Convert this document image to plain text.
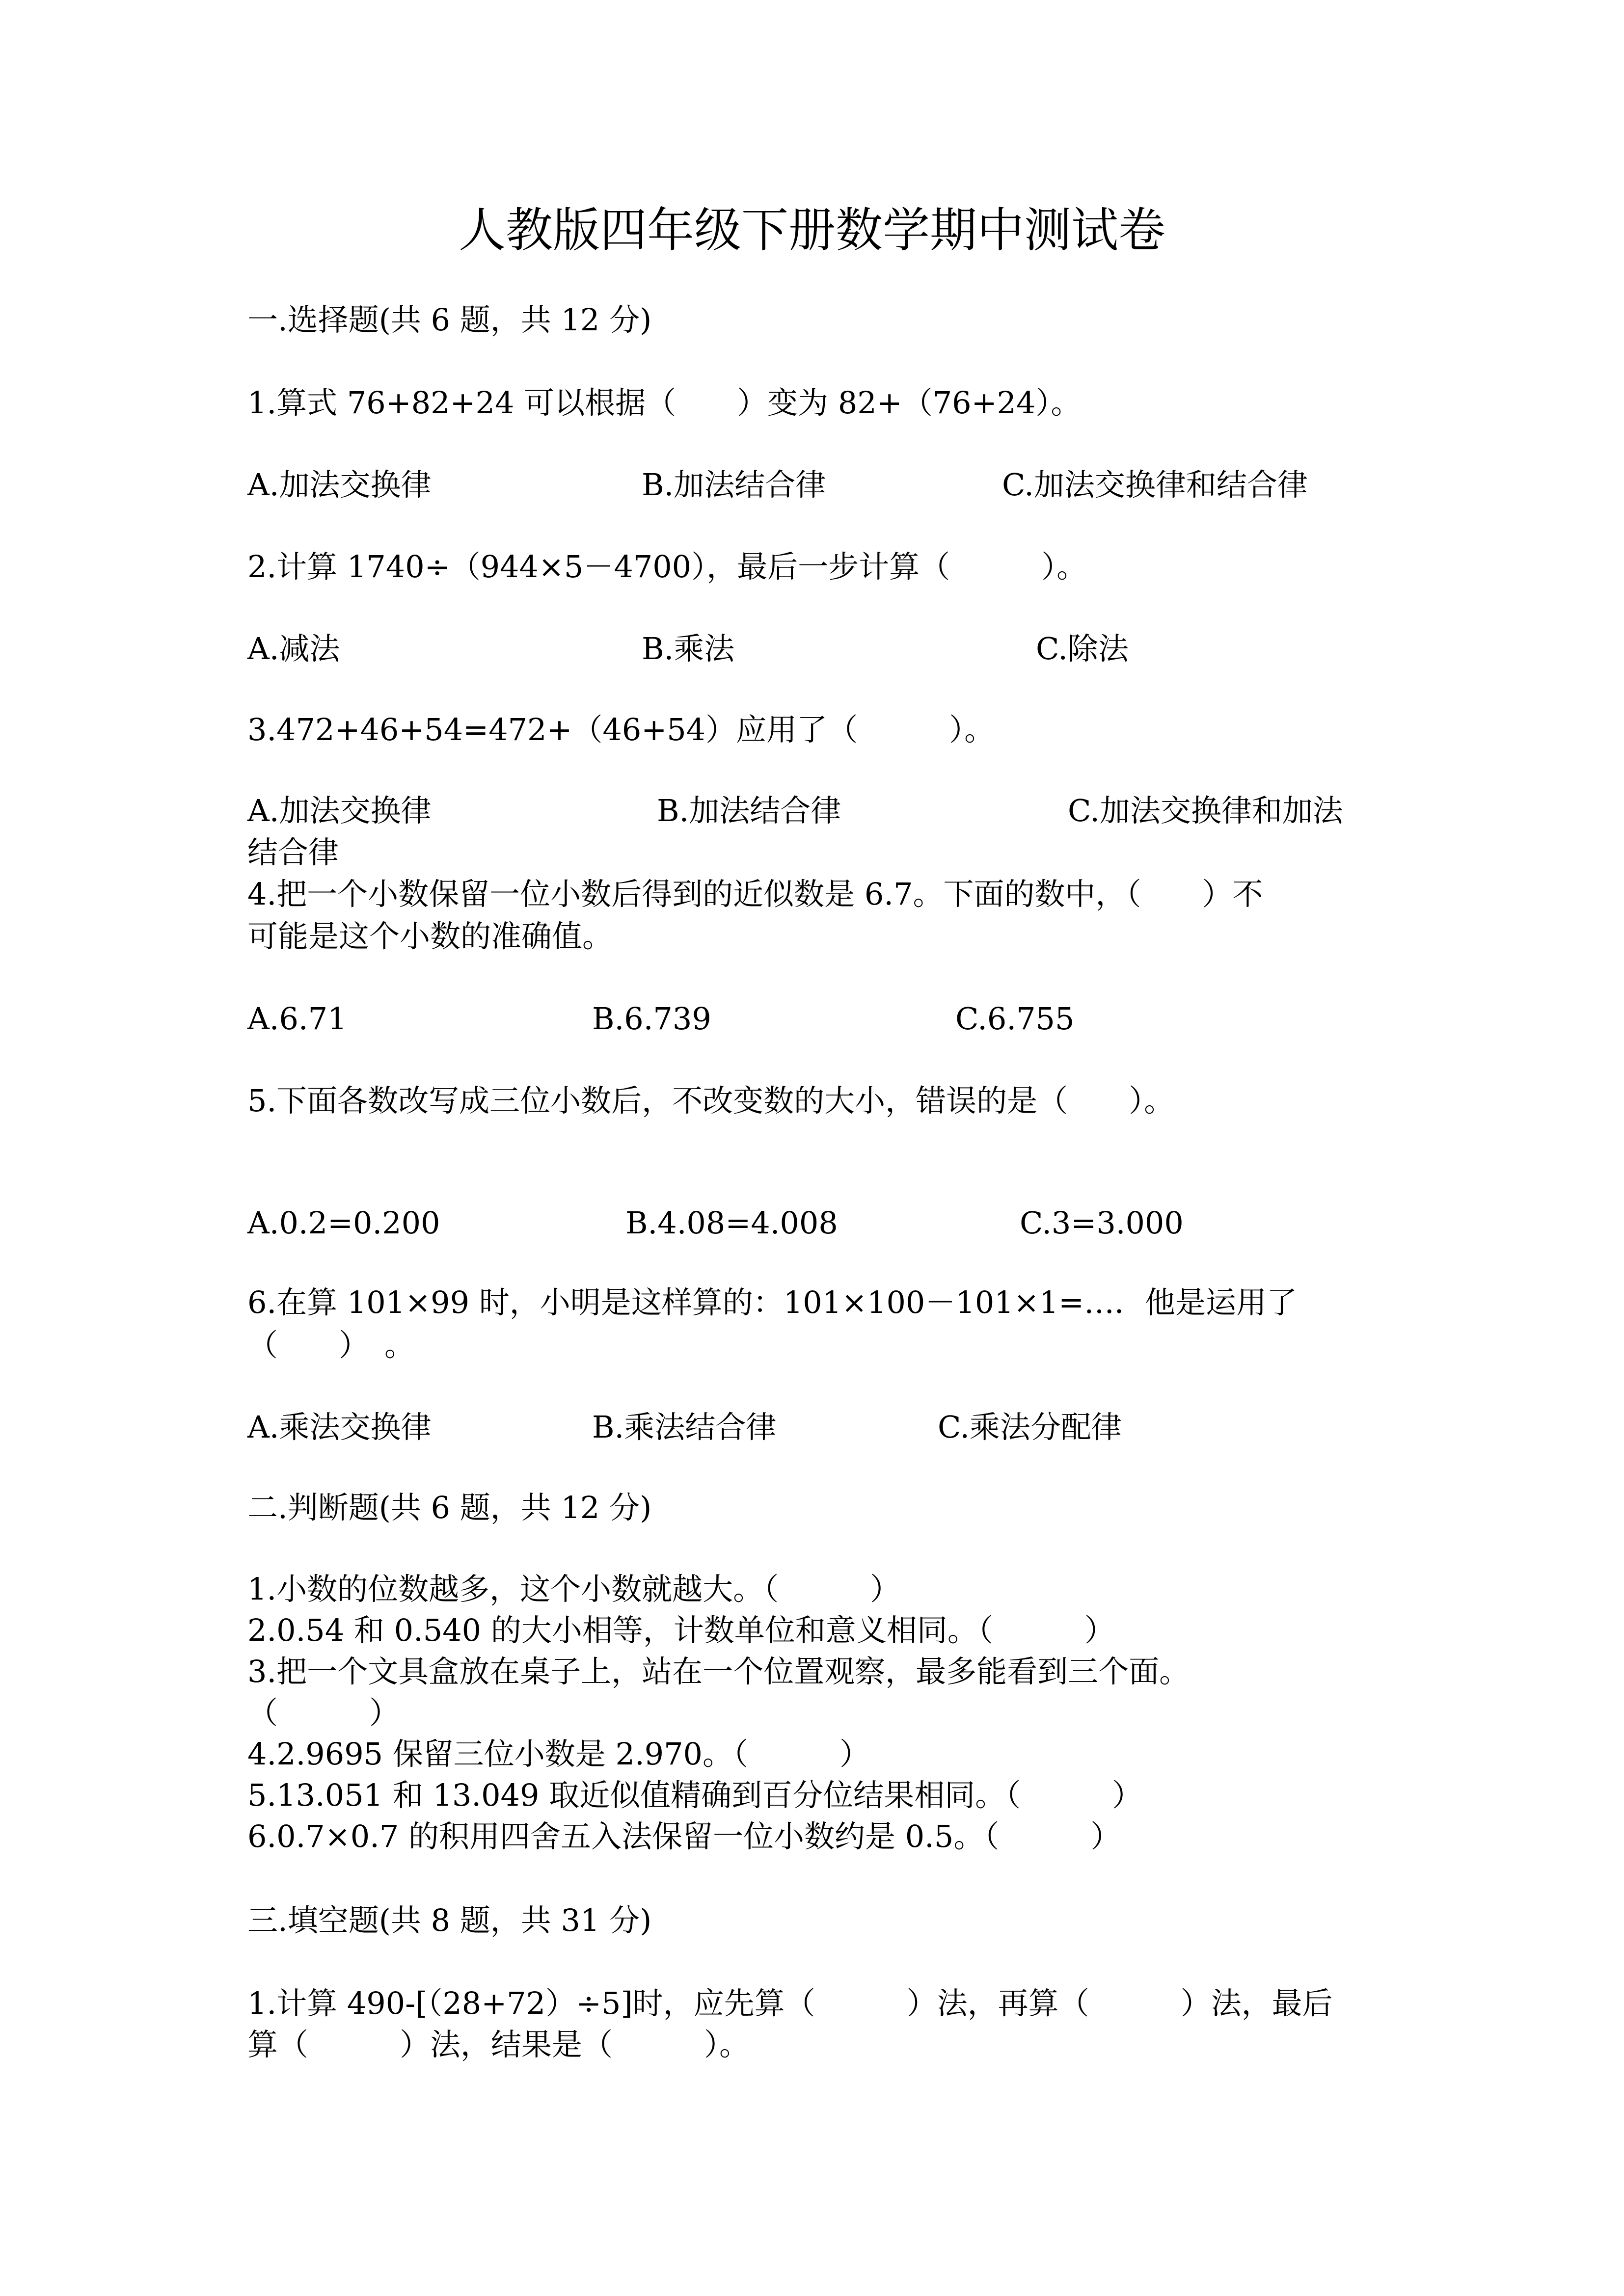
人教版四年级下册数学期中测试卷
一.选择题(共 6 题，共 12 分)
1.算式 76+82+24 可以根据（　　）变为 82+（76+24）。
A.加法交换律	B.加法结合律	C.加法交换律和结合律
2.计算 1740÷（944×5－4700），最后一步计算（　　　）。
A.减法	B.乘法	C.除法
3.472+46+54=472+（46+54）应用了（　　　）。
A.加法交换律	B.加法结合律	C.加法交换律和加法
结合律
4.把一个小数保留一位小数后得到的近似数是 6.7。下面的数中，（　　）不
可能是这个小数的准确值。
A.6.71	B.6.739	C.6.755
5.下面各数改写成三位小数后，不改变数的大小，错误的是（　　）。
A.0.2=0.200	B.4.08=4.008	C.3=3.000
6.在算 101×99 时，小明是这样算的：101×100－101×1=…．他是运用了
（　　）　。
A.乘法交换律	B.乘法结合律	C.乘法分配律
二.判断题(共 6 题，共 12 分)
1.小数的位数越多，这个小数就越大。（　　　）
2.0.54 和 0.540 的大小相等，计数单位和意义相同。（　　　）
3.把一个文具盒放在桌子上，站在一个位置观察，最多能看到三个面。
（　　　）
4.2.9695 保留三位小数是 2.970。（　　　）
5.13.051 和 13.049 取近似值精确到百分位结果相同。（　　　）
6.0.7×0.7 的积用四舍五入法保留一位小数约是 0.5。（　　　）
三.填空题(共 8 题，共 31 分)
1.计算 490-[（28+72）÷5]时，应先算（　　　）法，再算（　　　）法，最后
算（　　　）法，结果是（　　　）。
